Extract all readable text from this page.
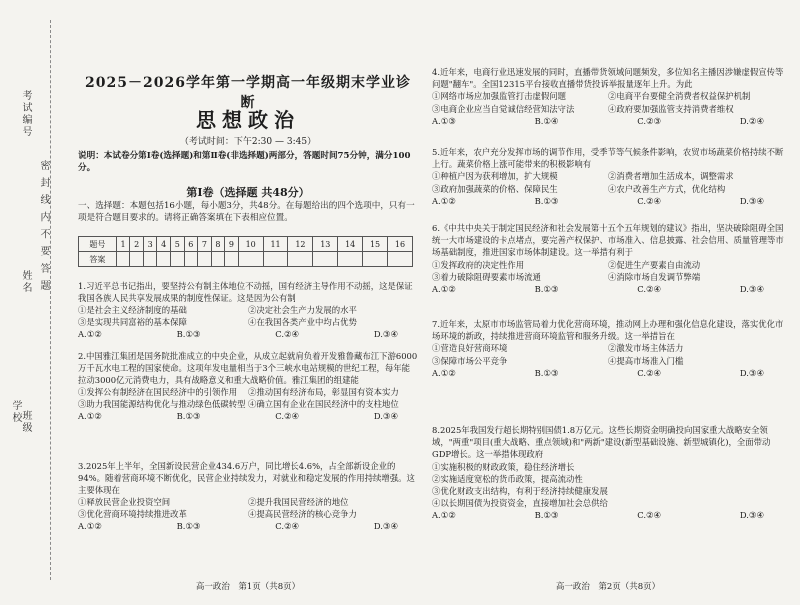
学校
考试编号
姓名
班级
密 封 线 内 不 要 答 题
2025－2026学年第一学期高一年级期末学业诊断
思想政治
（考试时间：下午2:30 — 3:45）
说明：本试卷分第Ⅰ卷(选择题)和第Ⅱ卷(非选择题)两部分，答题时间75分钟，满分100分。
第Ⅰ卷（选择题 共48分）
一、选择题：本题包括16小题，每小题3分，共48分。在每题给出的四个选项中，只有一项是符合题目要求的。请将正确答案填在下表相应位置。
题号	1	2	3	4	5	6	7	8	9	10	11	12	13	14	15	16
答案																

1.习近平总书记指出，要坚持公有制主体地位不动摇，国有经济主导作用不动摇，这是保证我国各族人民共享发展成果的制度性保证。这是因为公有制

①是社会主义经济制度的基础	②决定社会生产力发展的水平
③是实现共同富裕的基本保障	④在我国各类产业中均占优势
A.①②	B.①③	C.②④	D.③④

2.中国雅江集团是国务院批准成立的中央企业，从成立起就肩负着开发雅鲁藏布江下游6000万千瓦水电工程的国家使命。这项年发电量相当于3个三峡水电站规模的世纪工程，每年能拉动3000亿元消费电力，具有战略意义和重大战略价值。雅江集团的组建能

①发挥公有制经济在国民经济中的引领作用	②推动国有经济布局，彰显国有资本实力
③助力我国能源结构优化与推动绿色低碳转型 ④确立国有企业在国民经济中的支柱地位
A.①②	B.①③	C.②④	D.③④

3.2025年上半年，全国新设民营企业434.6万户，同比增长4.6%，占全部新设企业的94%。随着营商环境不断优化，民营企业持续发力，对就业和稳定发展的作用持续增强。这主要体现在

①释放民营企业投资空间	②提升我国民营经济的地位
③优化营商环境持续推进改革	④提高民营经济的核心竞争力
A.①②	B.①③	C.②④	D.③④
高一政治　第1页（共8页）

4.近年来，电商行业迅速发展的同时，直播带货领域问题频发，多位知名主播因涉嫌虚假宣传等问题"翻车"。全国12315平台接收直播带货投诉举报量逐年上升。为此

①网络市场应加强监管打击虚假问题	②电商平台要健全消费者权益保护机制
③电商企业应当自觉诚信经营知法守法	④政府要加强监管支持消费者维权
A.①③	B.①④	C.②③	D.②④

5.近年来，农户充分发挥市场的调节作用，受季节等气候条件影响，农贸市场蔬菜价格持续不断上行。蔬菜价格上涨可能带来的积极影响有

①种植户因为获利增加，扩大规模	②消费者增加生活成本，调整需求
③政府加强蔬菜的价格、保障民生	④农户改善生产方式，优化结构
A.①②	B.①③	C.②④	D.③④

6.《中共中央关于制定国民经济和社会发展第十五个五年规划的建议》指出，坚决破除阻碍全国统一大市场建设的卡点堵点，要完善产权保护、市场准入、信息披露、社会信用、质量管理等市场基础制度，推进国家市场体制建设。这一举措有利于

①发挥政府的决定性作用	②促进生产要素自由流动
③着力破除阻碍要素市场流通	④消除市场自发调节弊端
A.①②	B.①③	C.②④	D.③④

7.近年来，太原市市场监管局着力优化营商环境，推动网上办理和强化信息化建设，落实优化市场环境的新政，持续推进营商环境监管和服务升级。这一举措旨在

①营造良好营商环境	②激发市场主体活力
③保障市场公平竞争	④提高市场准入门槛
A.①②	B.①③	C.②④	D.③④

8.2025年我国发行超长期特别国债1.8万亿元。这些长期资金明确投向国家重大战略安全领域，"两重"项目(重大战略、重点领域)和"两新"建设(新型基础设施、新型城镇化)，全面带动GDP增长。这一举措体现政府

①实施积极的财政政策，稳住经济增长
②实施适度宽松的货币政策，提高流动性
③优化财政支出结构，有利于经济持续健康发展
④以长期国债为投资资金，直接增加社会总供给
A.①②	B.①③	C.②④	D.③④
高一政治　第2页（共8页）
